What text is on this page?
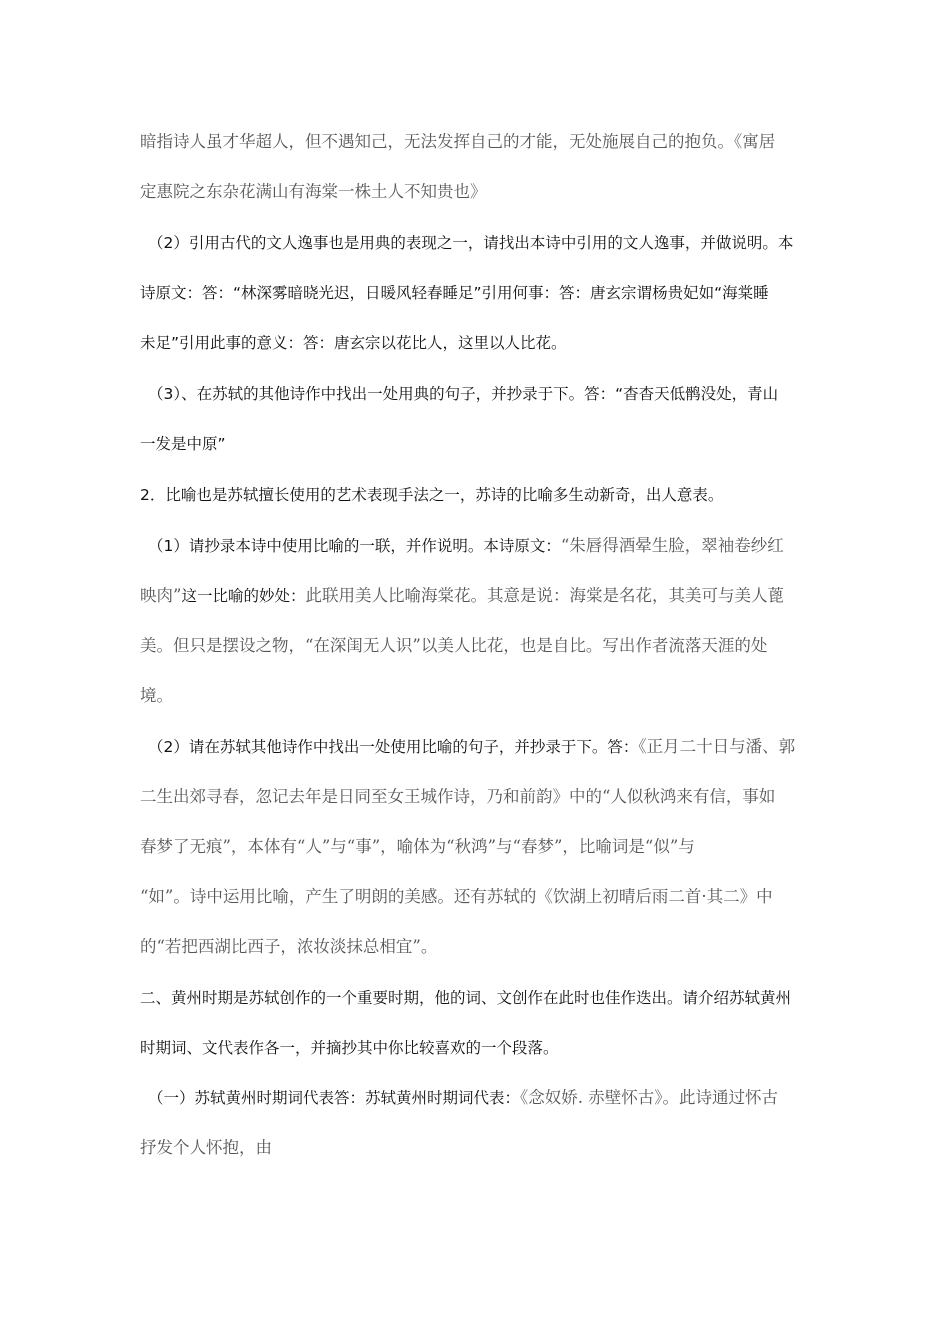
暗指诗人虽才华超人，但不遇知己，无法发挥自己的才能，无处施展自己的抱负。《寓居
定惠院之东杂花满山有海棠一株土人不知贵也》
（2）引用古代的文人逸事也是用典的表现之一，请找出本诗中引用的文人逸事，并做说明。本
诗原文：答：“林深雾暗晓光迟，日暖风轻春睡足”引用何事：答：唐玄宗谓杨贵妃如“海棠睡
未足”引用此事的意义：答：唐玄宗以花比人，这里以人比花。
（3）、在苏轼的其他诗作中找出一处用典的句子，并抄录于下。答：“杳杳天低鹘没处，青山
一发是中原”
2．比喻也是苏轼擅长使用的艺术表现手法之一，苏诗的比喻多生动新奇，出人意表。
（1）请抄录本诗中使用比喻的一联，并作说明。本诗原文：“朱唇得酒晕生脸，翠袖卷纱红
映肉”这一比喻的妙处：此联用美人比喻海棠花。其意是说：海棠是名花，其美可与美人蓖
美。但只是摆设之物，“在深闺无人识”以美人比花，也是自比。写出作者流落天涯的处
境。
（2）请在苏轼其他诗作中找出一处使用比喻的句子，并抄录于下。答：《正月二十日与潘、郭
二生出郊寻春，忽记去年是日同至女王城作诗，乃和前韵》中的“人似秋鸿来有信，事如
春梦了无痕”，本体有“人”与“事”，喻体为“秋鸿”与“春梦”，比喻词是“似”与
“如”。诗中运用比喻，产生了明朗的美感。还有苏轼的《饮湖上初晴后雨二首·其二》中
的“若把西湖比西子，浓妆淡抹总相宜”。
二、黄州时期是苏轼创作的一个重要时期，他的词、文创作在此时也佳作迭出。请介绍苏轼黄州
时期词、文代表作各一，并摘抄其中你比较喜欢的一个段落。
（一）苏轼黄州时期词代表答：苏轼黄州时期词代表：《念奴娇. 赤壁怀古》。此诗通过怀古
抒发个人怀抱，由
